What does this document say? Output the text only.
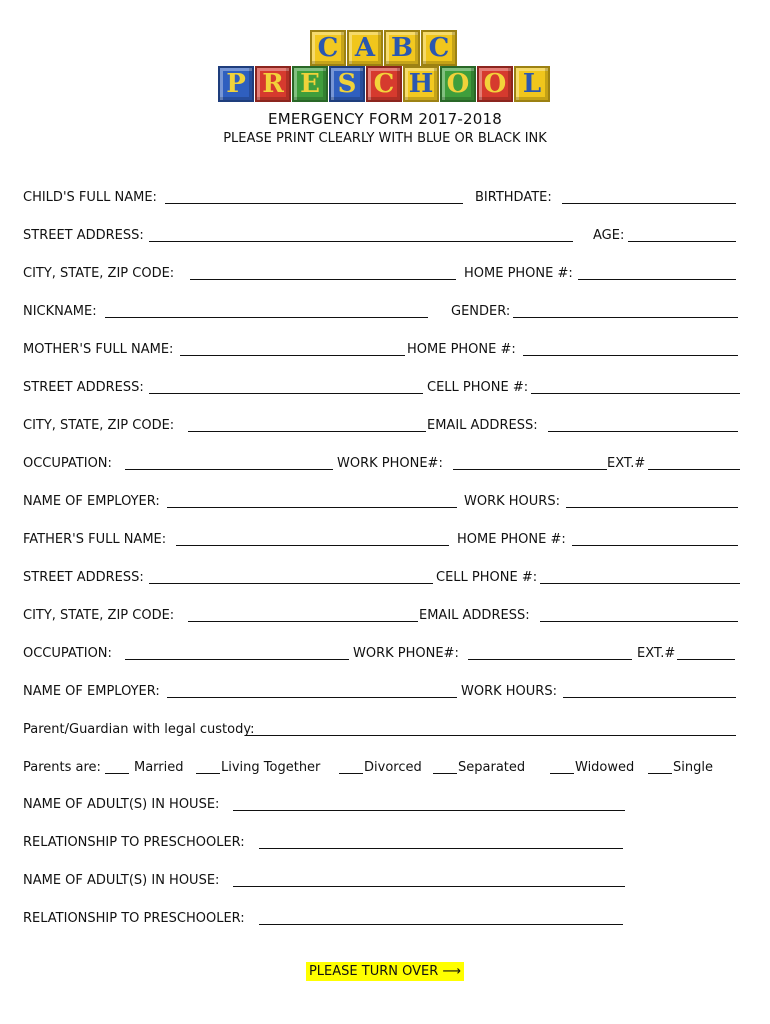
C A B C
P R E S C H O O L
EMERGENCY FORM 2017-2018
PLEASE PRINT CLEARLY WITH BLUE OR BLACK INK
CHILD'S FULL NAME:	BIRTHDATE:
STREET ADDRESS:	AGE:
CITY, STATE, ZIP CODE:	HOME PHONE #:
NICKNAME:	GENDER:
MOTHER'S FULL NAME:	HOME PHONE #:
STREET ADDRESS:	CELL PHONE #:
CITY, STATE, ZIP CODE:	EMAIL ADDRESS:
OCCUPATION:	WORK PHONE#:	EXT.#
NAME OF EMPLOYER:	WORK HOURS:
FATHER'S FULL NAME:	HOME PHONE #:
STREET ADDRESS:	CELL PHONE #:
CITY, STATE, ZIP CODE:	EMAIL ADDRESS:
OCCUPATION:	WORK PHONE#:	EXT.#
NAME OF EMPLOYER:	WORK HOURS:
Parent/Guardian with legal custody:
Parents are:	Married	Living Together	Divorced	Separated	Widowed	Single
NAME OF ADULT(S) IN HOUSE:
RELATIONSHIP TO PRESCHOOLER:
NAME OF ADULT(S) IN HOUSE:
RELATIONSHIP TO PRESCHOOLER:
PLEASE TURN OVER ⟶
